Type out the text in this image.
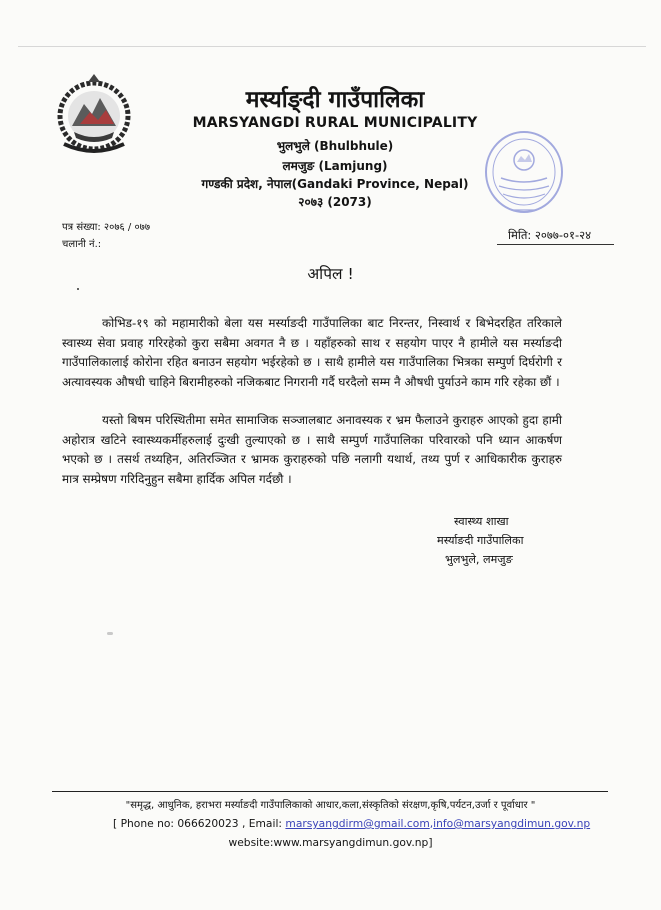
मर्स्याङ्दी गाउँपालिका
MARSYANGDI RURAL MUNICIPALITY
भुलभुले (Bhulbhule)
लमजुङ (Lamjung)
गण्डकी प्रदेश, नेपाल(Gandaki Province, Nepal)
२०७३ (2073)
पत्र संख्या: २०७६ / ०७७
चलानी नं.:
मिति: २०७७-०१-२४
अपिल !
कोभिड-१९ को महामारीको बेला यस मर्स्याङदी गाउँपालिका बाट निरन्तर, निस्वार्थ र बिभेदरहित तरिकाले स्वास्थ्य सेवा प्रवाह गरिरहेको कुरा सबैमा अवगत नै छ । यहाँहरुको साथ र सहयोग पाएर नै हामीले यस मर्स्याङदी गाउँपालिकालाई कोरोना रहित बनाउन सहयोग भईरहेको छ । साथै हामीले यस गाउँपालिका भित्रका सम्पुर्ण दिर्घरोगी र अत्यावस्यक औषधी चाहिने बिरामीहरुको नजिकबाट निगरानी गर्दै घरदैलो सम्म नै औषधी पुर्याउने काम गरि रहेका छौं ।
यस्तो बिषम परिस्थितीमा समेत सामाजिक सञ्जालबाट अनावस्यक र भ्रम फैलाउने कुराहरु आएको हुदा हामी अहोरात्र खटिने स्वास्थ्यकर्मीहरुलाई दुःखी तुल्याएको छ । साथै सम्पुर्ण गाउँपालिका परिवारको पनि ध्यान आकर्षण भएको छ । तसर्थ तथ्यहिन, अतिरञ्जित र भ्रामक कुराहरुको पछि नलागी यथार्थ, तथ्य पुर्ण र आधिकारीक कुराहरु मात्र सम्प्रेषण गरिदिनुहुन सबैमा हार्दिक अपिल गर्दछौ ।
स्वास्थ्य शाखा
मर्स्याङदी गाउँपालिका
भुलभुले, लमजुङ
"समृद्ध, आधुनिक, हराभरा मर्स्याङदी गाउँपालिकाको आधार,कला,संस्कृतिको संरक्षण,कृषि,पर्यटन,उर्जा र पूर्वाधार "
[ Phone no: 066620023 , Email: marsyangdirm@gmail.com,info@marsyangdimun.gov.np
website:www.marsyangdimun.gov.np]
